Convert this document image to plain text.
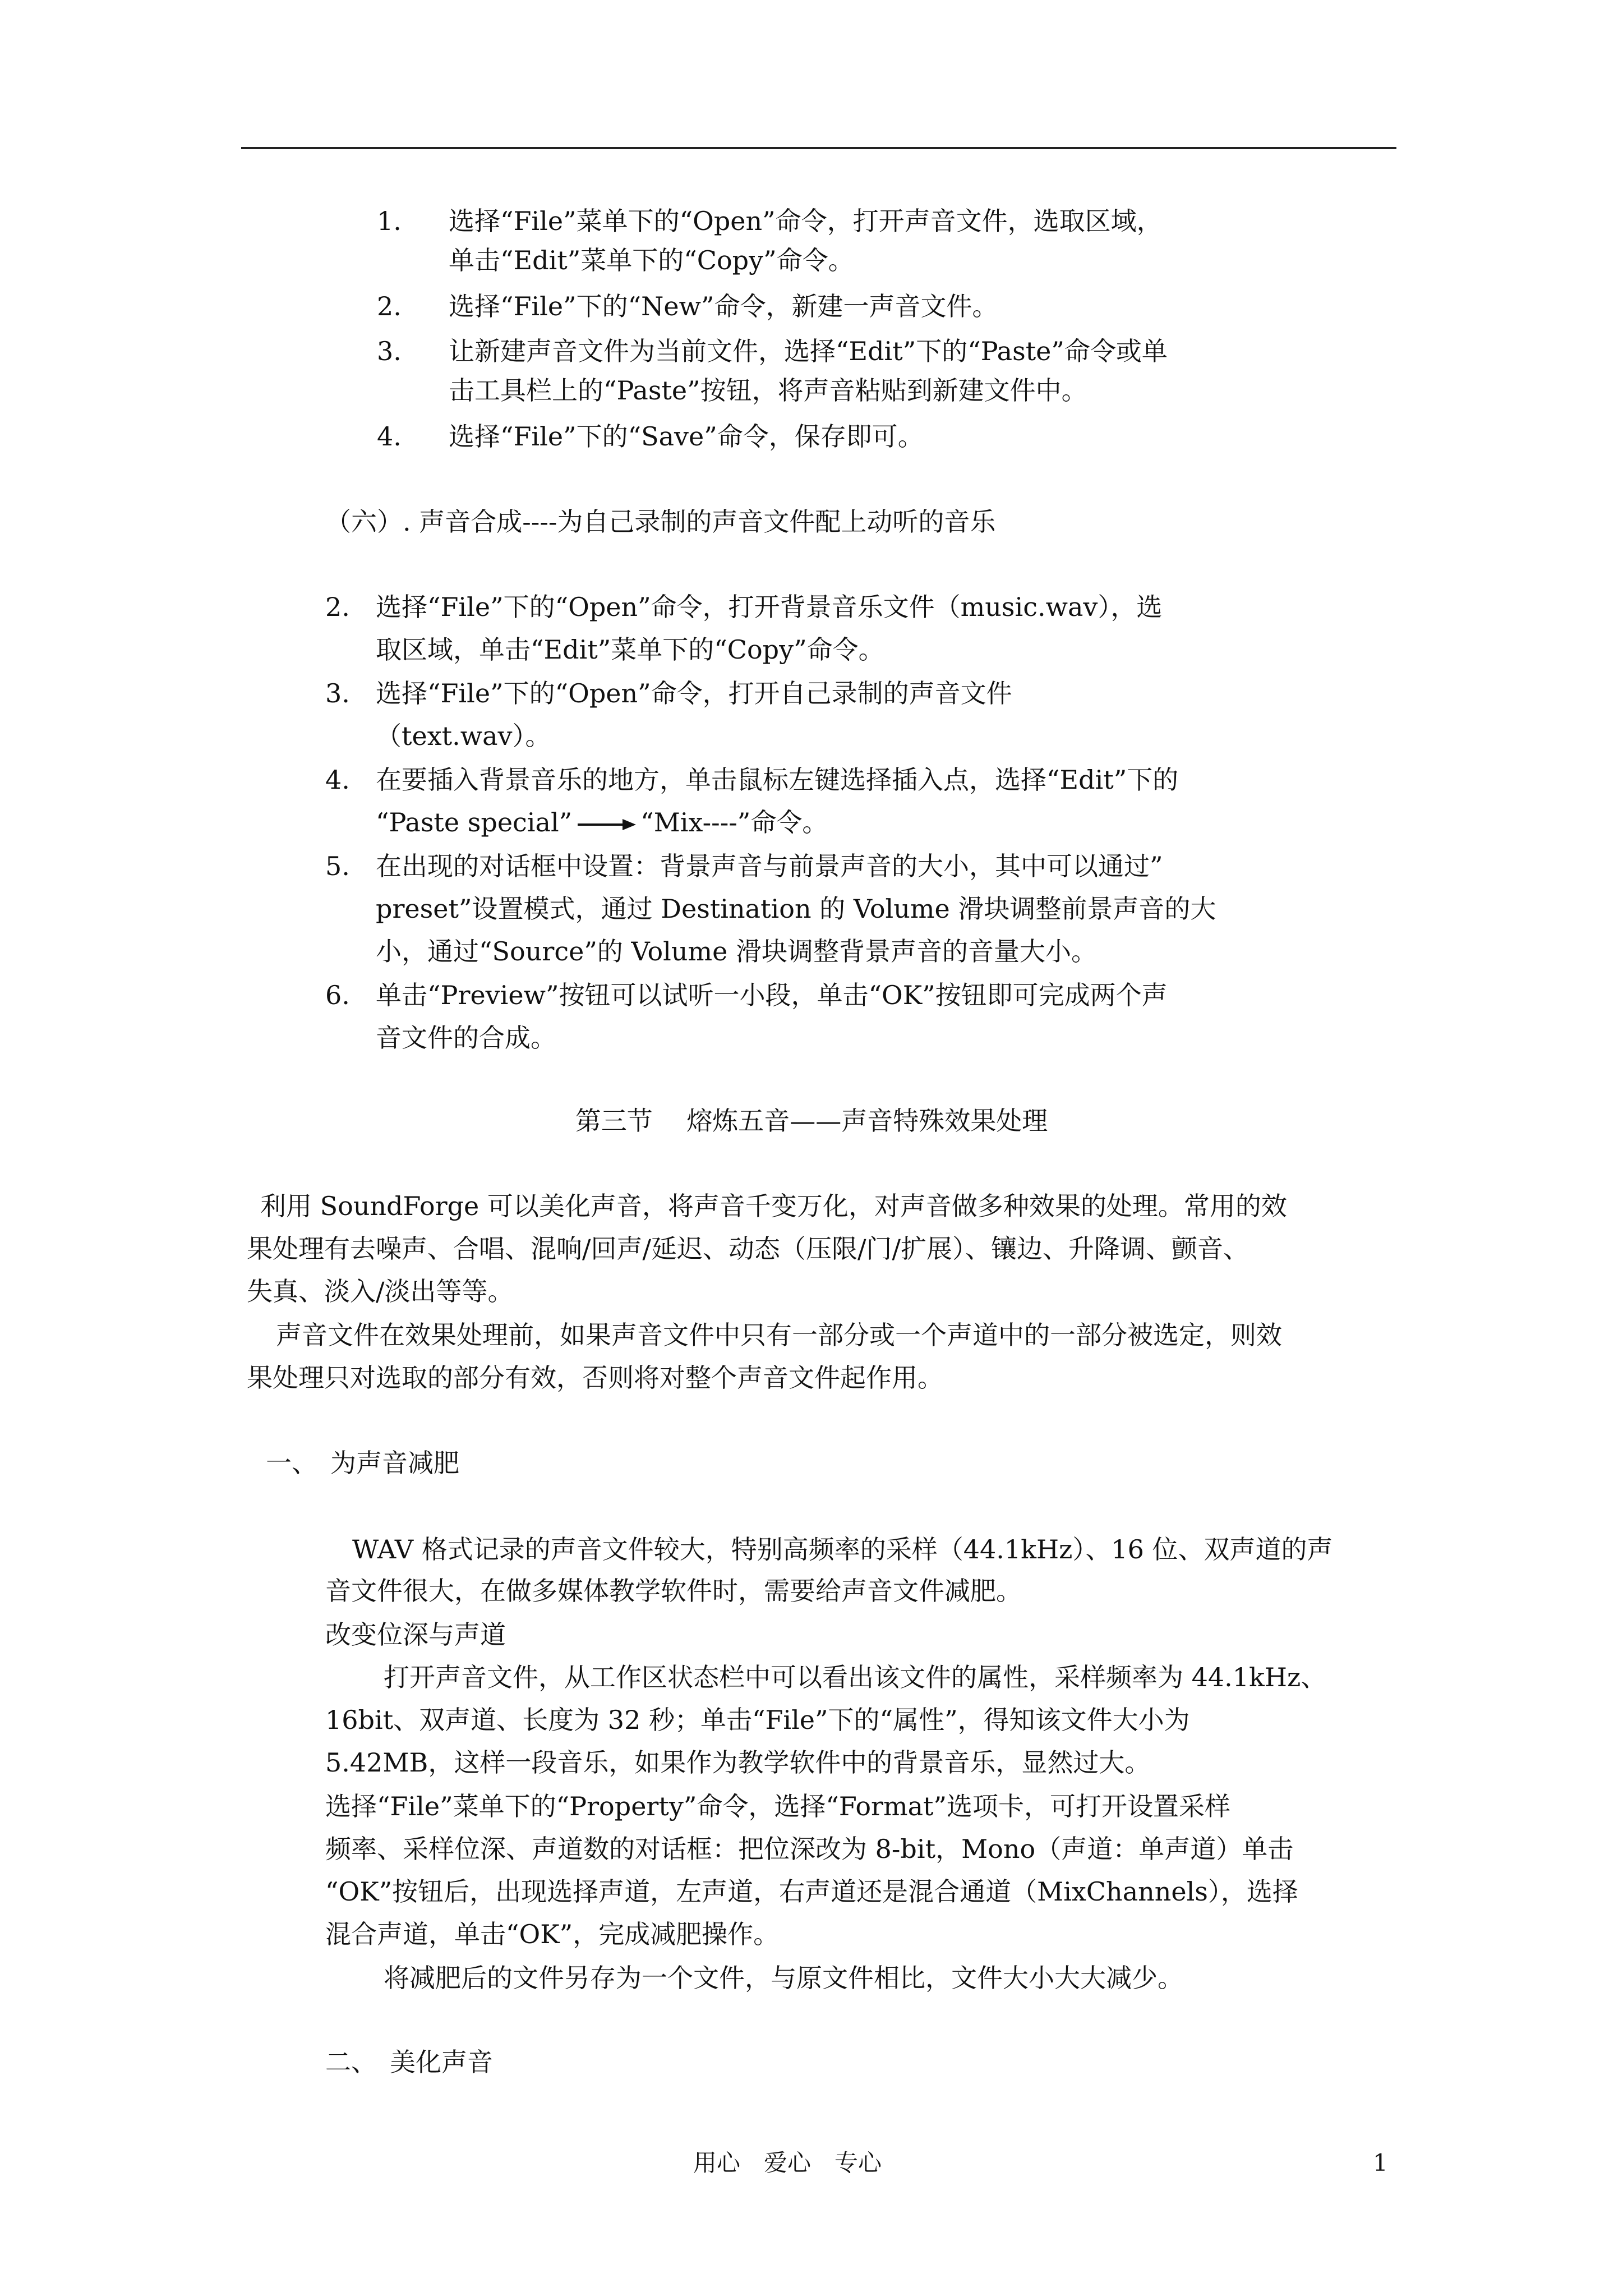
1. 选择“File”菜单下的“Open”命令，打开声音文件，选取区域，
单击“Edit”菜单下的“Copy”命令。
2. 选择“File”下的“New”命令，新建一声音文件。
3. 让新建声音文件为当前文件，选择“Edit”下的“Paste”命令或单
击工具栏上的“Paste”按钮，将声音粘贴到新建文件中。
4. 选择“File”下的“Save”命令，保存即可。
（六）. 声音合成----为自己录制的声音文件配上动听的音乐
2. 选择“File”下的“Open”命令，打开背景音乐文件（music.wav），选
取区域，单击“Edit”菜单下的“Copy”命令。
3. 选择“File”下的“Open”命令，打开自己录制的声音文件
（text.wav）。
4. 在要插入背景音乐的地方，单击鼠标左键选择插入点，选择“Edit”下的
“Paste special”	“Mix----”命令。
5. 在出现的对话框中设置：背景声音与前景声音的大小，其中可以通过”
preset”设置模式，通过 Destination 的 Volume 滑块调整前景声音的大
小，通过“Source”的 Volume 滑块调整背景声音的音量大小。
6. 单击“Preview”按钮可以试听一小段，单击“OK”按钮即可完成两个声
音文件的合成。
第三节　 熔炼五音——声音特殊效果处理
利用 SoundForge 可以美化声音，将声音千变万化，对声音做多种效果的处理。常用的效
果处理有去噪声、合唱、混响/回声/延迟、动态（压限/门/扩展）、镶边、升降调、颤音、
失真、淡入/淡出等等。
声音文件在效果处理前，如果声音文件中只有一部分或一个声道中的一部分被选定，则效
果处理只对选取的部分有效，否则将对整个声音文件起作用。
一、　为声音减肥
WAV 格式记录的声音文件较大，特别高频率的采样（44.1kHz）、16 位、双声道的声
音文件很大，在做多媒体教学软件时，需要给声音文件减肥。
改变位深与声道
打开声音文件，从工作区状态栏中可以看出该文件的属性，采样频率为 44.1kHz、
16bit、双声道、长度为 32 秒；单击“File”下的“属性”，得知该文件大小为
5.42MB，这样一段音乐，如果作为教学软件中的背景音乐，显然过大。
选择“File”菜单下的“Property”命令，选择“Format”选项卡，可打开设置采样
频率、采样位深、声道数的对话框：把位深改为 8-bit，Mono（声道：单声道）单击
“OK”按钮后，出现选择声道，左声道，右声道还是混合通道（MixChannels），选择
混合声道，单击“OK”，完成减肥操作。
将减肥后的文件另存为一个文件，与原文件相比，文件大小大大减少。
二、　美化声音
用心　爱心　专心	1
